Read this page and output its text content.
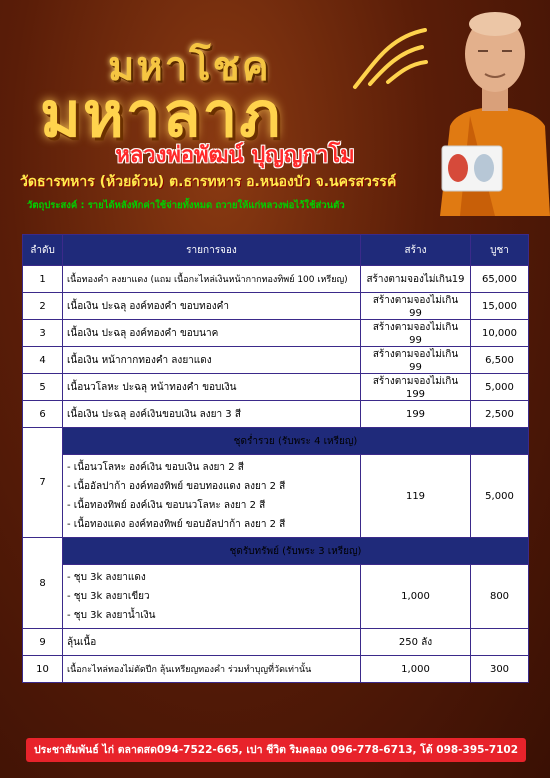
มหาโชค
มหาลาภ
หลวงพ่อพัฒน์ ปุญญกาโม
วัดธารทหาร (ห้วยด้วน) ต.ธารทหาร อ.หนองบัว จ.นครสวรรค์
วัตถุประสงค์ : รายได้หลังหักค่าใช้จ่ายทั้งหมด ถวายให้แก่หลวงพ่อไว้ใช้ส่วนตัว
ลำดับ	รายการจอง	สร้าง	บูชา
1	เนื้อทองคำ ลงยาแดง (แถม เนื้อกะไหล่เงินหน้ากากทองทิพย์ 100 เหรียญ)	สร้างตามจองไม่เกิน19	65,000
2	เนื้อเงิน ปะฉลุ องค์ทองคำ ขอบทองคำ	สร้างตามจองไม่เกิน 99	15,000
3	เนื้อเงิน ปะฉลุ องค์ทองคำ ขอบนาค	สร้างตามจองไม่เกิน 99	10,000
4	เนื้อเงิน หน้ากากทองคำ ลงยาแดง	สร้างตามจองไม่เกิน 99	6,500
5	เนื้อนวโลหะ ปะฉลุ หน้าทองคำ ขอบเงิน	สร้างตามจองไม่เกิน 199	5,000
6	เนื้อเงิน ปะฉลุ องค์เงินขอบเงิน ลงยา 3 สี	199	2,500
7	ชุดร่ำรวย (รับพระ 4 เหรียญ)		

	- เนื้อนวโลหะ องค์เงิน ขอบเงิน ลงยา 2 สี
- เนื้ออัลปาก้า องค์ทองทิพย์ ขอบทองแดง ลงยา 2 สี
- เนื้อทองทิพย์ องค์เงิน ขอบนวโลหะ ลงยา 2 สี
- เนื้อทองแดง องค์ทองทิพย์ ขอบอัลปาก้า ลงยา 2 สี	119	5,000
8	ชุดรับทรัพย์ (รับพระ 3 เหรียญ)		

	- ชุบ 3k ลงยาแดง
- ชุบ 3k ลงยาเขียว
- ชุบ 3k ลงยาน้ำเงิน	1,000	800
9	ลุ้นเนื้อ	250 ลัง	
10	เนื้อกะไหล่ทองไม่ตัดปีก ลุ้นเหรียญทองคำ ร่วมทำบุญที่วัดเท่านั้น	1,000	300
ประชาสัมพันธ์ ไก่ ตลาดสด094-7522-665, เปา ชีวิต ริมคลอง 096-778-6713, โต้ 098-395-7102
